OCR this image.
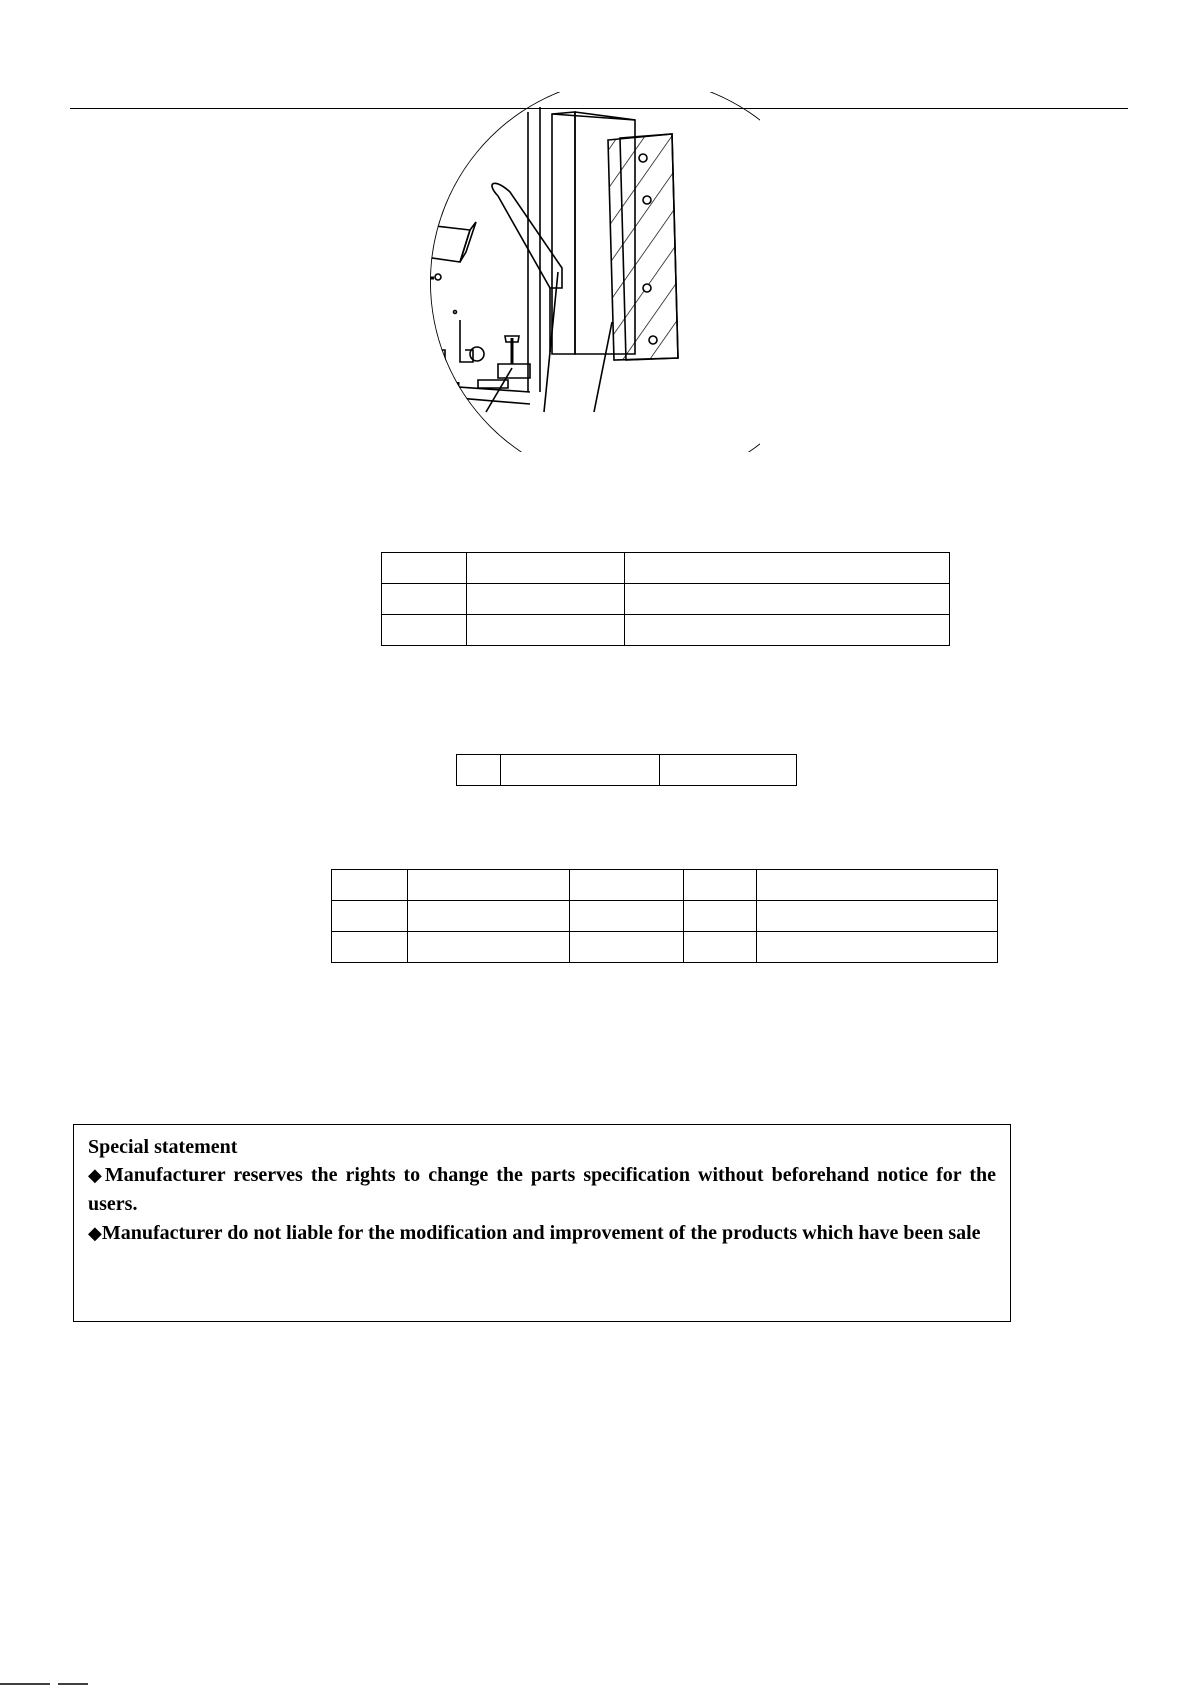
Special statement
◆Manufacturer reserves the rights to change the parts specification without beforehand notice for the users.
◆Manufacturer do not liable for the modification and improvement of the products which have been sale
